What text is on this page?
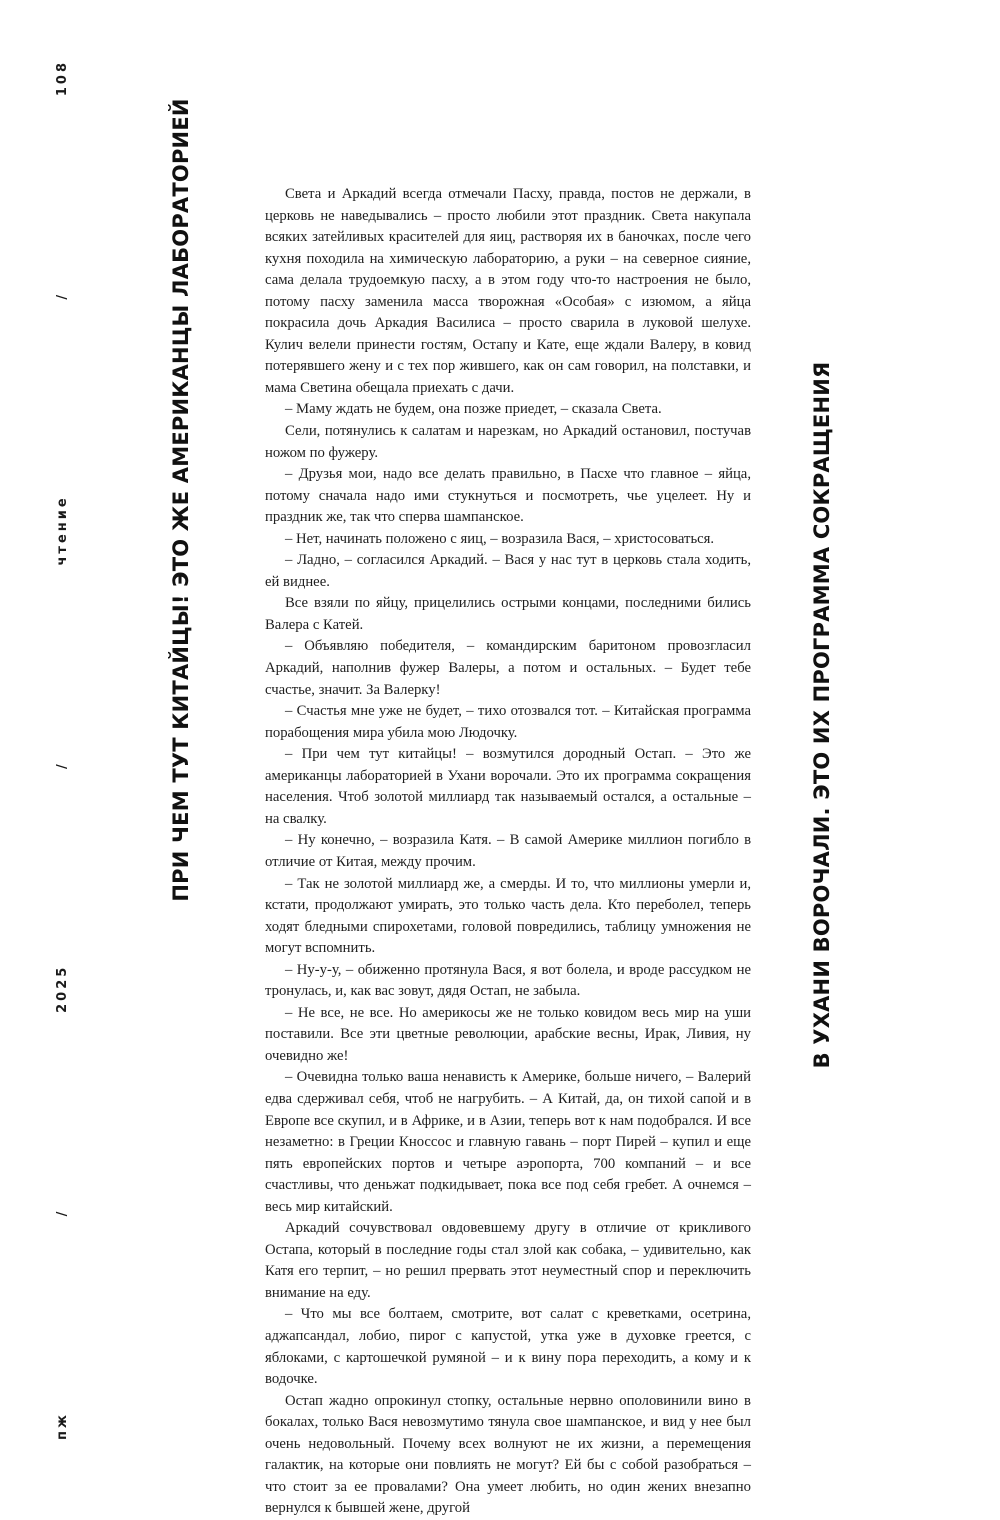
пж
/
2025
/
чтение
/
108
ПРИ ЧЕМ ТУТ КИТАЙЦЫ! ЭТО ЖЕ АМЕРИКАНЦЫ ЛАБОРАТОРИЕЙ	В УХАНИ ВОРОЧАЛИ. ЭТО ИХ ПРОГРАММА СОКРАЩЕНИЯ

Света и Аркадий всегда отмечали Пасху, правда, постов не держали, в церковь не наведывались – просто любили этот праздник. Света накупала всяких затейливых красителей для яиц, растворяя их в баночках, после чего кухня походила на химическую лабораторию, а руки – на северное сияние, сама делала трудоемкую пасху, а в этом году что-то настроения не было, потому пасху заменила масса творожная «Особая» с изюмом, а яйца покрасила дочь Аркадия Василиса – просто сварила в луковой шелухе. Кулич велели принести гостям, Остапу и Кате, еще ждали Валеру, в ковид потерявшего жену и с тех пор жившего, как он сам говорил, на полставки, и мама Светина обещала приехать с дачи.

– Маму ждать не будем, она позже приедет, – сказала Света.

Сели, потянулись к салатам и нарезкам, но Аркадий остановил, постучав ножом по фужеру.

– Друзья мои, надо все делать правильно, в Пасхе что главное – яйца, потому сначала надо ими стукнуться и посмотреть, чье уцелеет. Ну и праздник же, так что сперва шампанское.

– Нет, начинать положено с яиц, – возразила Вася, – христосоваться.

– Ладно, – согласился Аркадий. – Вася у нас тут в церковь стала ходить, ей виднее.

Все взяли по яйцу, прицелились острыми концами, последними бились Валера с Катей.

– Объявляю победителя, – командирским баритоном провозгласил Аркадий, наполнив фужер Валеры, а потом и остальных. – Будет тебе счастье, значит. За Валерку!

– Счастья мне уже не будет, – тихо отозвался тот. – Китайская программа порабощения мира убила мою Людочку.

– При чем тут китайцы! – возмутился дородный Остап. – Это же американцы лабораторией в Ухани ворочали. Это их программа сокращения населения. Чтоб золотой миллиард так называемый остался, а остальные – на свалку.

– Ну конечно, – возразила Катя. – В самой Америке миллион погибло в отличие от Китая, между прочим.

– Так не золотой миллиард же, а смерды. И то, что миллионы умерли и, кстати, продолжают умирать, это только часть дела. Кто переболел, теперь ходят бледными спирохетами, головой повредились, таблицу умножения не могут вспомнить.

– Ну-у-у, – обиженно протянула Вася, я вот болела, и вроде рассудком не тронулась, и, как вас зовут, дядя Остап, не забыла.

– Не все, не все. Но америкосы же не только ковидом весь мир на уши поставили. Все эти цветные революции, арабские весны, Ирак, Ливия, ну очевидно же!

– Очевидна только ваша ненависть к Америке, больше ничего, – Валерий едва сдерживал себя, чтоб не нагрубить. – А Китай, да, он тихой сапой и в Европе все скупил, и в Африке, и в Азии, теперь вот к нам подобрался. И все незаметно: в Греции Кноссос и главную гавань – порт Пирей – купил и еще пять европейских портов и четыре аэропорта, 700 компаний – и все счастливы, что деньжат подкидывает, пока все под себя гребет. А очнемся – весь мир китайский.

Аркадий сочувствовал овдовевшему другу в отличие от крикливого Остапа, который в последние годы стал злой как собака, – удивительно, как Катя его терпит, – но решил прервать этот неуместный спор и переключить внимание на еду.

– Что мы все болтаем, смотрите, вот салат с креветками, осетрина, аджапсандал, лобио, пирог с капустой, утка уже в духовке греется, с яблоками, с картошечкой румяной – и к вину пора переходить, а кому и к водочке.

Остап жадно опрокинул стопку, остальные нервно ополовинили вино в бокалах, только Вася невозмутимо тянула свое шампанское, и вид у нее был очень недовольный. Почему всех волнуют не их жизни, а перемещения галактик, на которые они повлиять не могут? Ей бы с собой разобраться – что стоит за ее провалами? Она умеет любить, но один жених внезапно вернулся к бывшей жене, другой
